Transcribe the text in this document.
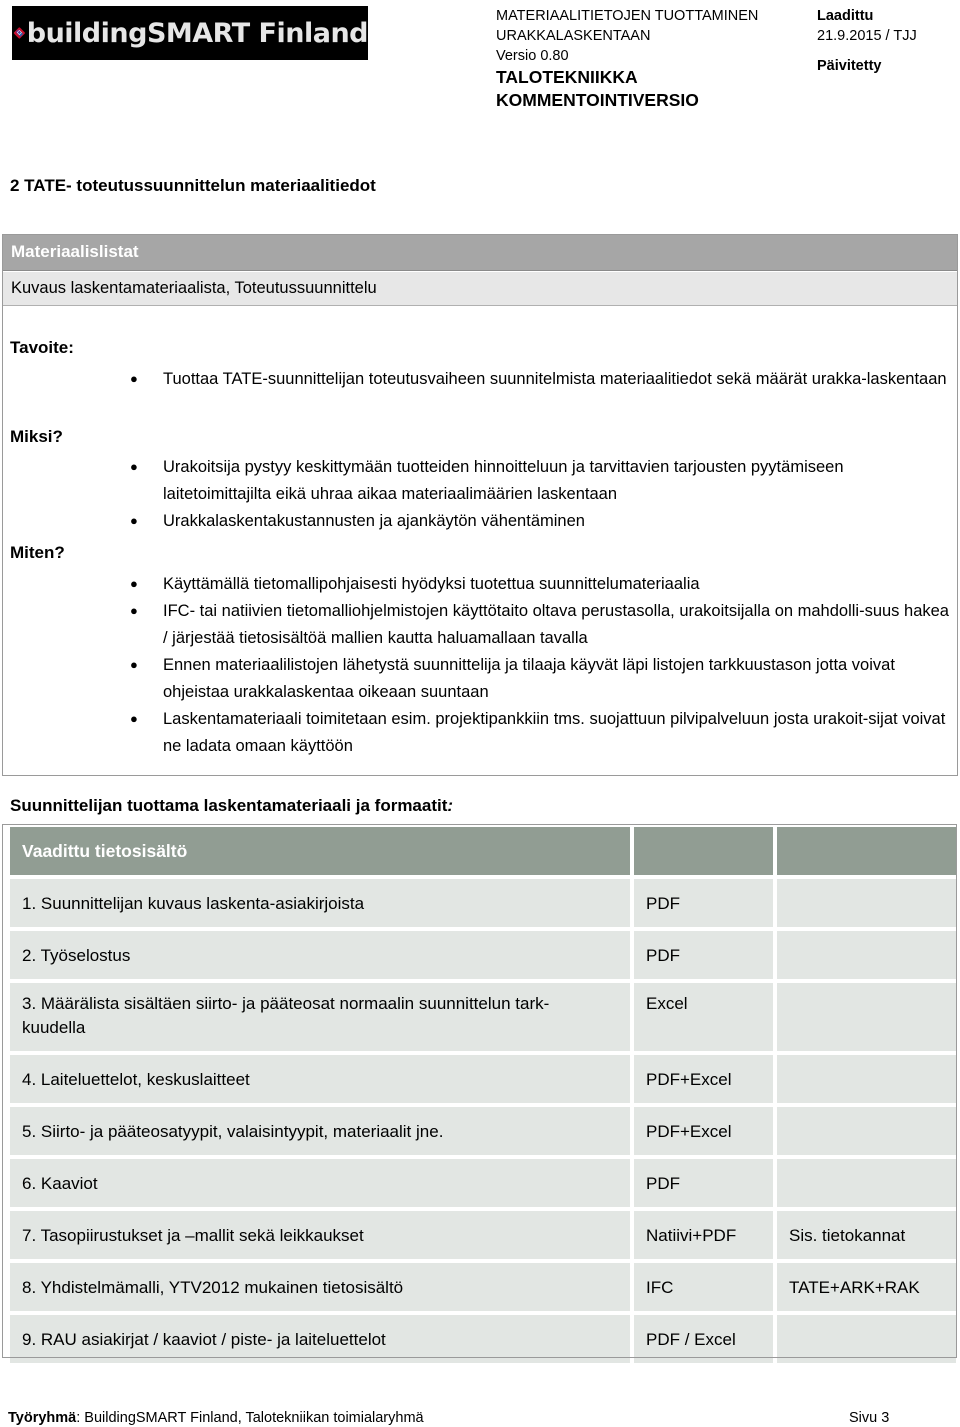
buildingSMART Finland
MATERIAALITIETOJEN TUOTTAMINEN
URAKKALASKENTAAN
Versio 0.80
TALOTEKNIIKKA
KOMMENTOINTIVERSIO
Laadittu
21.9.2015 / TJJ
Päivitetty
2 TATE- toteutussuunnittelun materiaalitiedot
Materiaalislistat
Kuvaus laskentamateriaalista, Toteutussuunnittelu
Tavoite:
● Tuottaa TATE-suunnittelijan toteutusvaiheen suunnitelmista materiaalitiedot sekä määrät urakka-laskentaan
Miksi?
● Urakoitsija pystyy keskittymään tuotteiden hinnoitteluun ja tarvittavien tarjousten pyytämiseen laitetoimittajilta eikä uhraa aikaa materiaalimäärien laskentaan
● Urakkalaskentakustannusten ja ajankäytön vähentäminen
Miten?
● Käyttämällä tietomallipohjaisesti hyödyksi tuotettua suunnittelumateriaalia
● IFC- tai natiivien tietomalliohjelmistojen käyttötaito oltava perustasolla, urakoitsijalla on mahdolli-suus hakea / järjestää tietosisältöä mallien kautta haluamallaan tavalla
● Ennen materiaalilistojen lähetystä suunnittelija ja tilaaja käyvät läpi listojen tarkkuustason jotta voivat ohjeistaa urakkalaskentaa oikeaan suuntaan
● Laskentamateriaali toimitetaan esim. projektipankkiin tms. suojattuun pilvipalveluun josta urakoit-sijat voivat ne ladata omaan käyttöön
Suunnittelijan tuottama laskentamateriaali ja formaatit:
Vaadittu tietosisältö		
1. Suunnittelijan kuvaus laskenta-asiakirjoista	PDF	
2. Työselostus	PDF	
3. Määrälista sisältäen siirto- ja pääteosat normaalin suunnittelun tark-kuudella	Excel	
4. Laiteluettelot, keskuslaitteet	PDF+Excel	
5. Siirto- ja pääteosatyypit, valaisintyypit, materiaalit jne.	PDF+Excel	
6. Kaaviot	PDF	
7. Tasopiirustukset ja –mallit sekä leikkaukset	Natiivi+PDF	Sis. tietokannat
8. Yhdistelmämalli, YTV2012 mukainen tietosisältö	IFC	TATE+ARK+RAK
9. RAU asiakirjat / kaaviot / piste- ja laiteluettelot	PDF / Excel	
Työryhmä: BuildingSMART Finland, Talotekniikan toimialaryhmä	Sivu 3
